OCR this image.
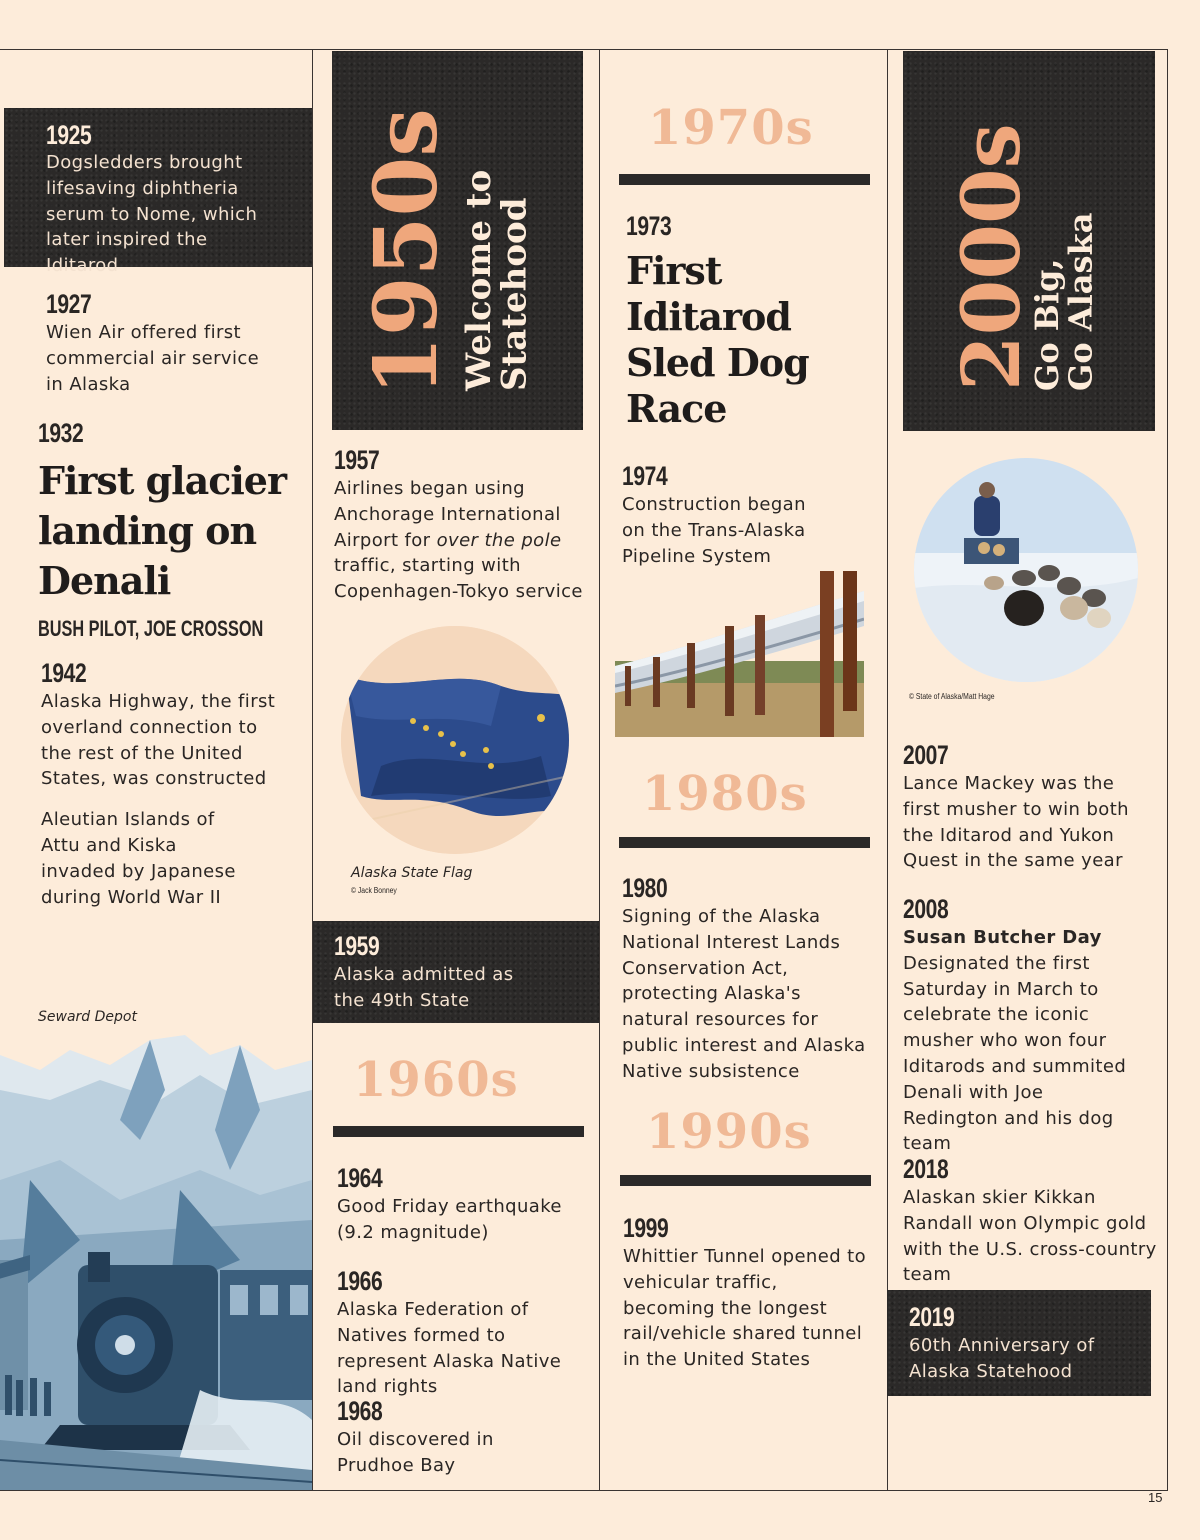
1925
Dogsledders brought lifesaving diphtheria serum to Nome, which later inspired the Iditarod
1927
Wien Air offered first commercial air service in Alaska
1932
First glacier landing on Denali
BUSH PILOT, JOE CROSSON
1942
Alaska Highway, the first overland connection to the rest of the United States, was constructed
Aleutian Islands of Attu and Kiska invaded by Japanese during World War II
Seward Depot
1950s Welcome to
Statehood
1957
Airlines began using Anchorage International Airport for over the pole traffic, starting with Copenhagen-Tokyo service
Alaska State Flag
© Jack Bonney
1959
Alaska admitted as the 49th State
1960s
1964
Good Friday earthquake (9.2 magnitude)
1966
Alaska Federation of Natives formed to represent Alaska Native land rights
1968
Oil discovered in Prudhoe Bay
1970s
1973
First Iditarod Sled Dog Race
1974
Construction began on the Trans-Alaska Pipeline System
1980s
1980
Signing of the Alaska National Interest Lands Conservation Act, protecting Alaska's natural resources for public interest and Alaska Native subsistence
1990s
1999
Whittier Tunnel opened to vehicular traffic, becoming the longest rail/vehicle shared tunnel in the United States
2000s
Go Big,
Go Alaska
© State of Alaska/Matt Hage
2007
Lance Mackey was the first musher to win both the Iditarod and Yukon Quest in the same year
2008
Susan Butcher Day
Designated the first Saturday in March to celebrate the iconic musher who won four Iditarods and summited Denali with Joe Redington and his dog team
2018
Alaskan skier Kikkan Randall won Olympic gold with the U.S. cross-country team
2019
60th Anniversary of Alaska Statehood
15
